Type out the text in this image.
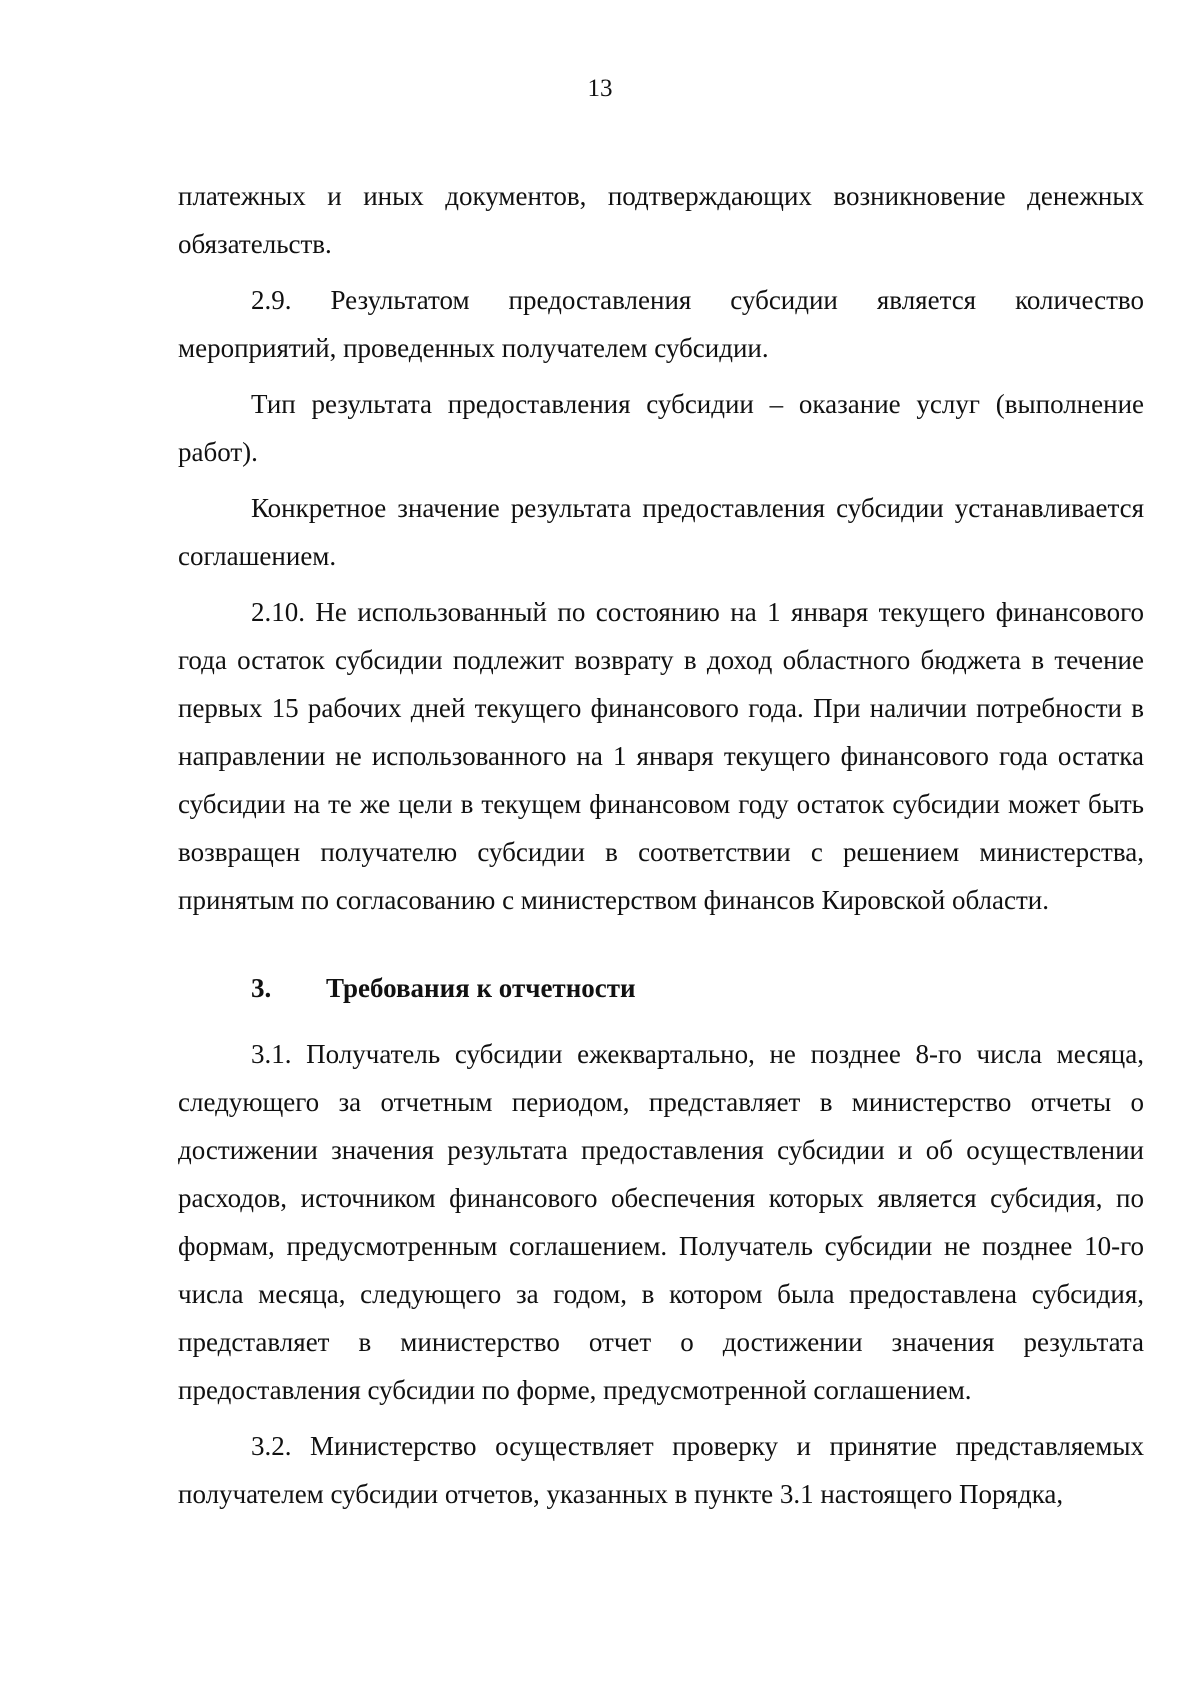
13

платежных и иных документов, подтверждающих возникновение денежных обязательств.

2.9. Результатом предоставления субсидии является количество мероприятий, проведенных получателем субсидии.

Тип результата предоставления субсидии – оказание услуг (выполнение работ).

Конкретное значение результата предоставления субсидии устанавливается соглашением.

2.10. Не использованный по состоянию на 1 января текущего финансового года остаток субсидии подлежит возврату в доход областного бюджета в течение первых 15 рабочих дней текущего финансового года. При наличии потребности в направлении не использованного на 1 января текущего финансового года остатка субсидии на те же цели в текущем финансовом году остаток субсидии может быть возвращен получателю субсидии в соответствии с решением министерства, принятым по согласованию с министерством финансов Кировской области.

3. Требования к отчетности

3.1. Получатель субсидии ежеквартально, не позднее 8-го числа месяца, следующего за отчетным периодом, представляет в министерство отчеты о достижении значения результата предоставления субсидии и об осуществлении расходов, источником финансового обеспечения которых является субсидия, по формам, предусмотренным соглашением. Получатель субсидии не позднее 10-го числа месяца, следующего за годом, в котором была предоставлена субсидия, представляет в министерство отчет о достижении значения результата предоставления субсидии по форме, предусмотренной соглашением.

3.2. Министерство осуществляет проверку и принятие представляемых получателем субсидии отчетов, указанных в пункте 3.1 настоящего Порядка,
